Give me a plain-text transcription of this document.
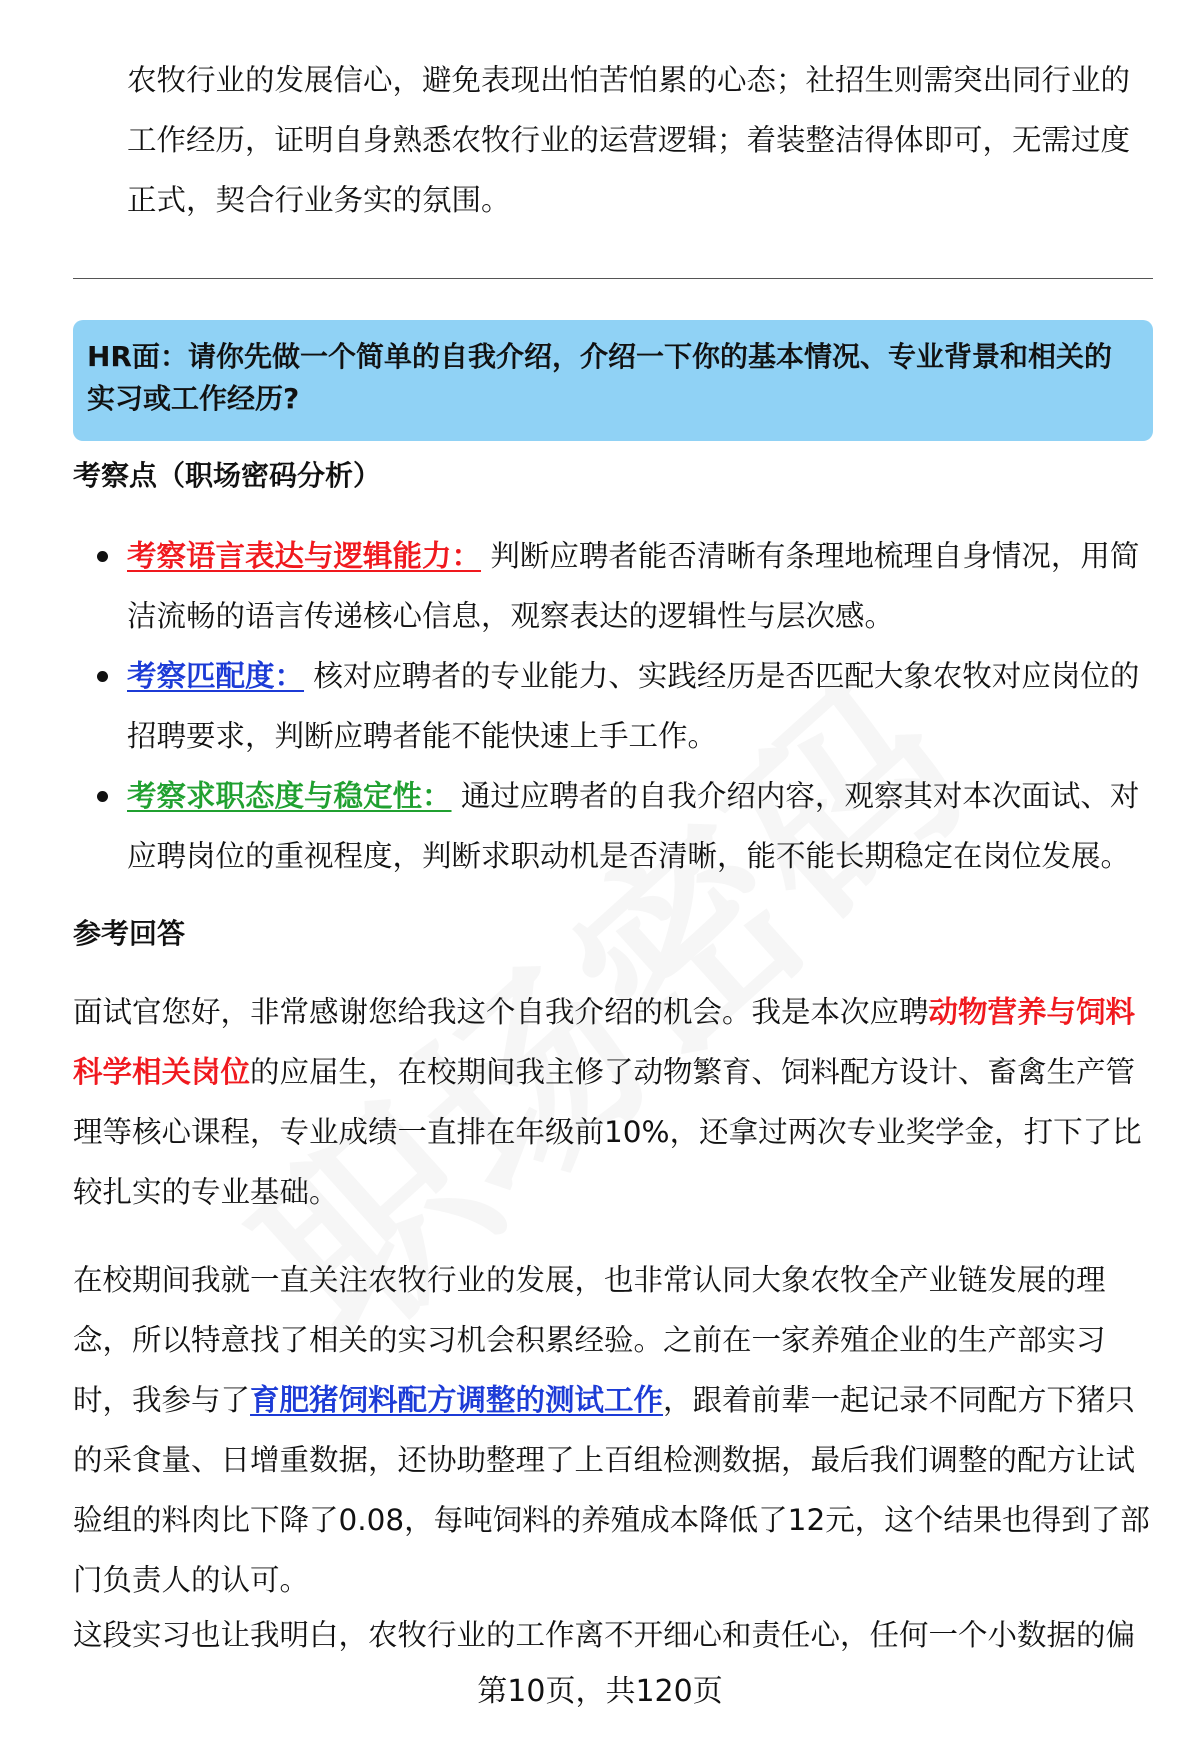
农牧行业的发展信心，避免表现出怕苦怕累的心态；社招生则需突出同行业的工作经历，证明自身熟悉农牧行业的运营逻辑；着装整洁得体即可，无需过度正式，契合行业务实的氛围。
HR面：请你先做一个简单的自我介绍，介绍一下你的基本情况、专业背景和相关的实习或工作经历?
考察点（职场密码分析）
考察语言表达与逻辑能力： 判断应聘者能否清晰有条理地梳理自身情况，用简洁流畅的语言传递核心信息，观察表达的逻辑性与层次感。
考察匹配度： 核对应聘者的专业能力、实践经历是否匹配大象农牧对应岗位的招聘要求，判断应聘者能不能快速上手工作。
考察求职态度与稳定性： 通过应聘者的自我介绍内容，观察其对本次面试、对应聘岗位的重视程度，判断求职动机是否清晰，能不能长期稳定在岗位发展。
参考回答
面试官您好，非常感谢您给我这个自我介绍的机会。我是本次应聘动物营养与饲料科学相关岗位的应届生，在校期间我主修了动物繁育、饲料配方设计、畜禽生产管理等核心课程，专业成绩一直排在年级前10%，还拿过两次专业奖学金，打下了比较扎实的专业基础。
在校期间我就一直关注农牧行业的发展，也非常认同大象农牧全产业链发展的理念，所以特意找了相关的实习机会积累经验。之前在一家养殖企业的生产部实习时，我参与了育肥猪饲料配方调整的测试工作，跟着前辈一起记录不同配方下猪只的采食量、日增重数据，还协助整理了上百组检测数据，最后我们调整的配方让试验组的料肉比下降了0.08，每吨饲料的养殖成本降低了12元，这个结果也得到了部门负责人的认可。
这段实习也让我明白，农牧行业的工作离不开细心和责任心，任何一个小数据的偏
第10页，共120页
